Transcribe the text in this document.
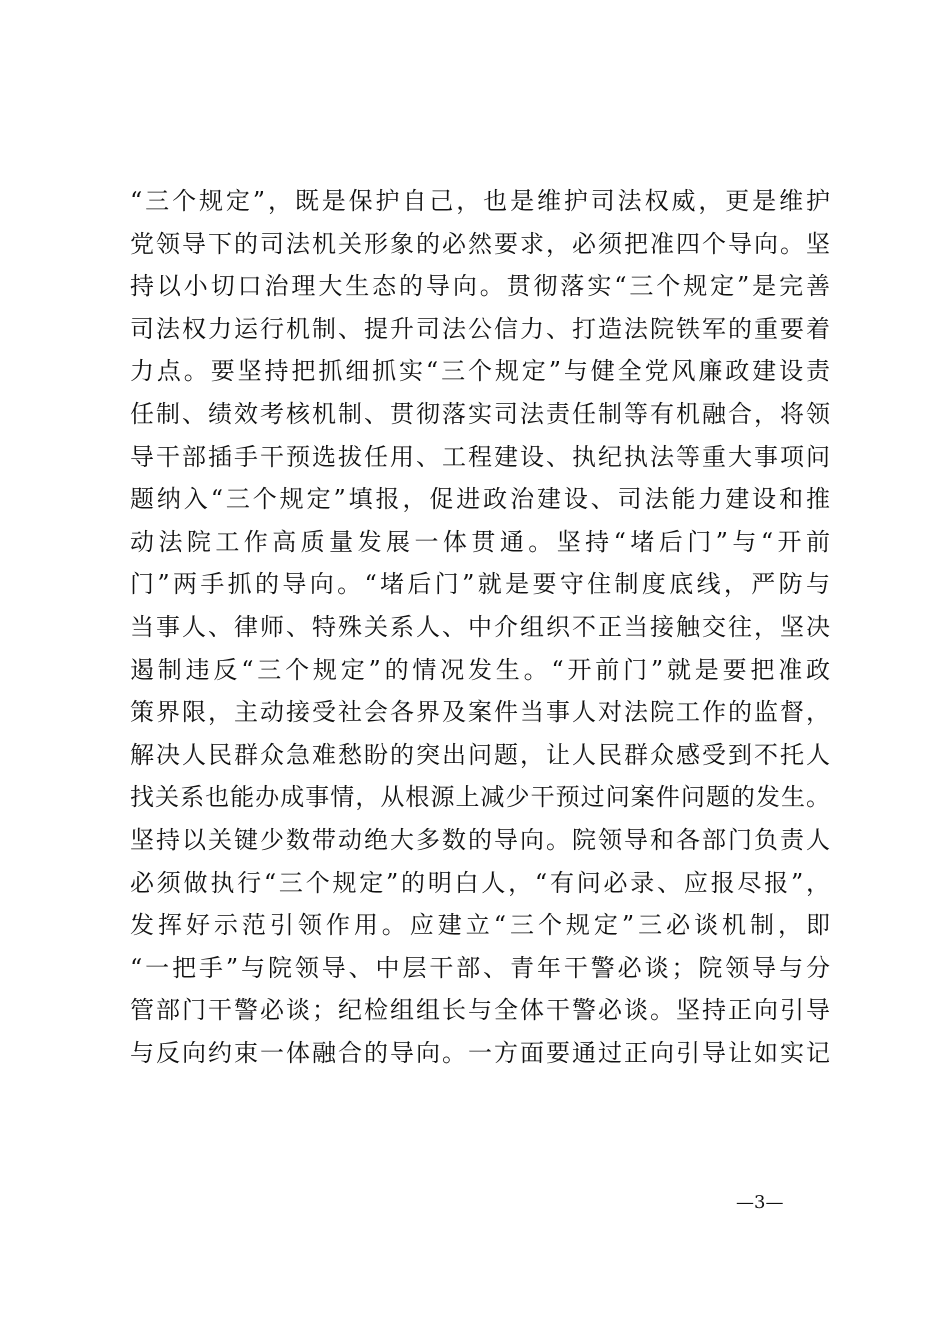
“三个规定”，既是保护自己，也是维护司法权威，更是维护
党领导下的司法机关形象的必然要求，必须把准四个导向。坚
持以小切口治理大生态的导向。贯彻落实“三个规定”是完善
司法权力运行机制、提升司法公信力、打造法院铁军的重要着
力点。要坚持把抓细抓实“三个规定”与健全党风廉政建设责
任制、绩效考核机制、贯彻落实司法责任制等有机融合，将领
导干部插手干预选拔任用、工程建设、执纪执法等重大事项问
题纳入“三个规定”填报，促进政治建设、司法能力建设和推
动法院工作高质量发展一体贯通。坚持“堵后门”与“开前
门”两手抓的导向。“堵后门”就是要守住制度底线，严防与
当事人、律师、特殊关系人、中介组织不正当接触交往，坚决
遏制违反“三个规定”的情况发生。“开前门”就是要把准政
策界限，主动接受社会各界及案件当事人对法院工作的监督，
解决人民群众急难愁盼的突出问题，让人民群众感受到不托人
找关系也能办成事情，从根源上减少干预过问案件问题的发生。
坚持以关键少数带动绝大多数的导向。院领导和各部门负责人
必须做执行“三个规定”的明白人，“有问必录、应报尽报”，
发挥好示范引领作用。应建立“三个规定”三必谈机制，即
“一把手”与院领导、中层干部、青年干警必谈；院领导与分
管部门干警必谈；纪检组组长与全体干警必谈。坚持正向引导
与反向约束一体融合的导向。一方面要通过正向引导让如实记
—3—
